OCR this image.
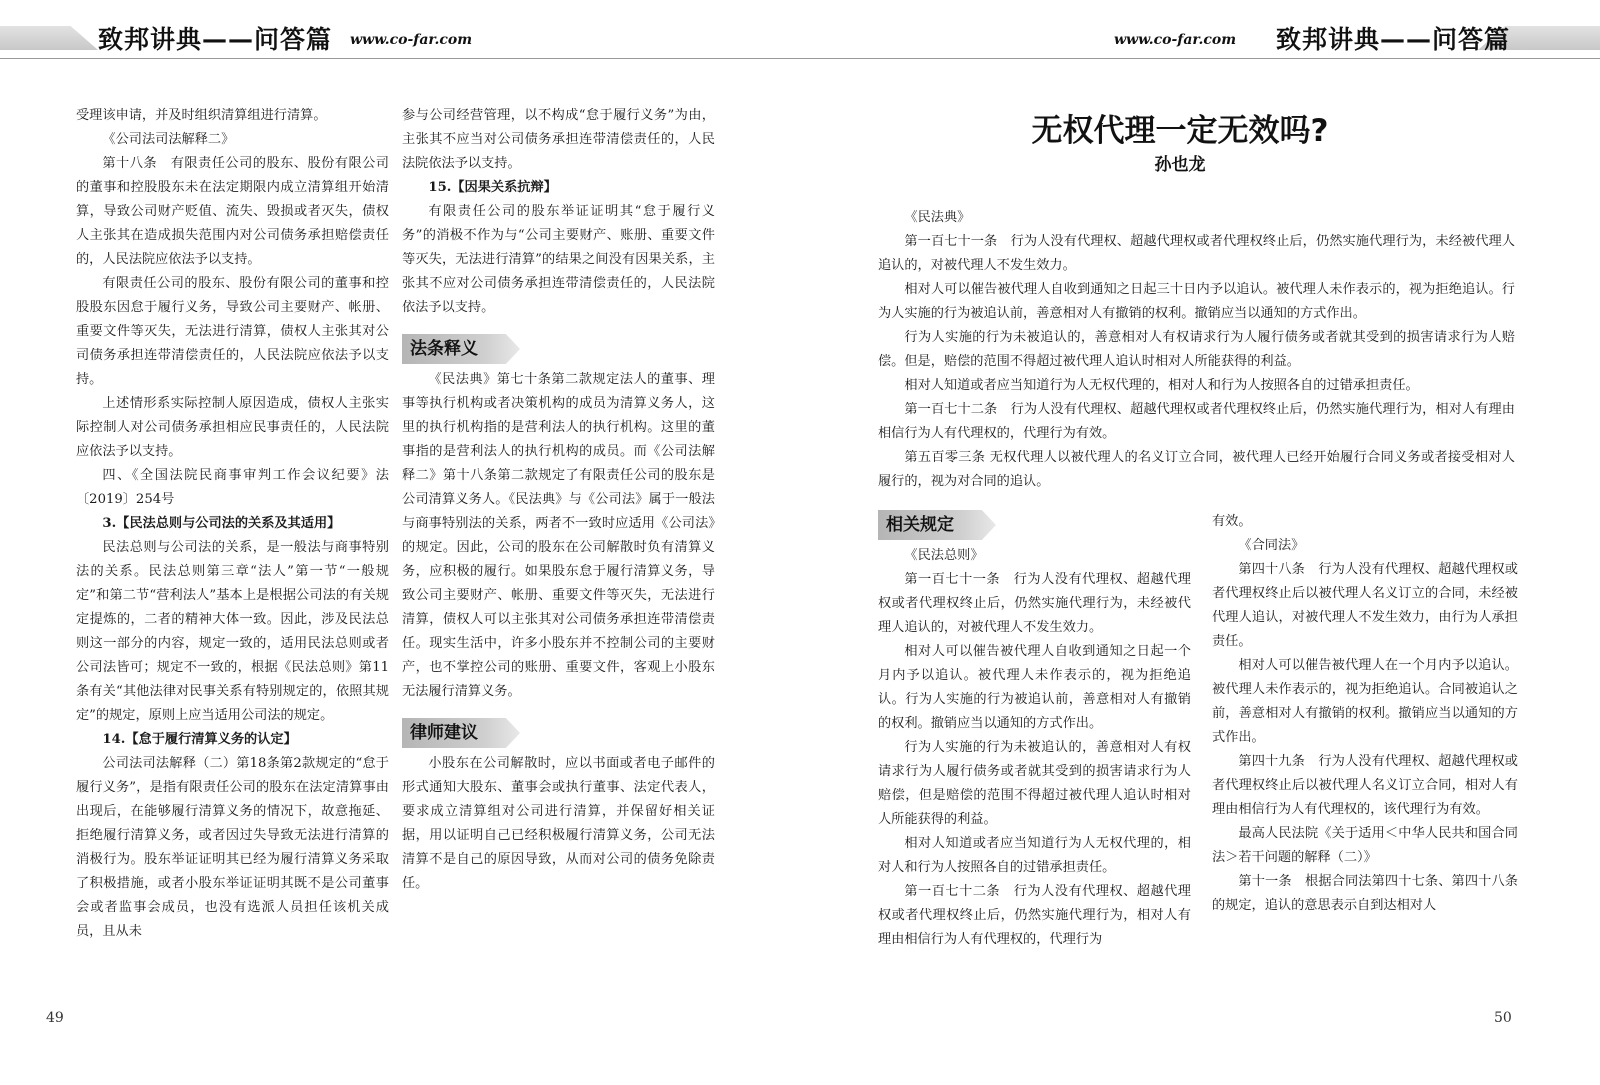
致邦讲典——问答篇 www.co-far.com

受理该申请，并及时组织清算组进行清算。

《公司法司法解释二》

第十八条　有限责任公司的股东、股份有限公司的董事和控股股东未在法定期限内成立清算组开始清算，导致公司财产贬值、流失、毁损或者灭失，债权人主张其在造成损失范围内对公司债务承担赔偿责任的，人民法院应依法予以支持。

有限责任公司的股东、股份有限公司的董事和控股股东因怠于履行义务，导致公司主要财产、帐册、重要文件等灭失，无法进行清算，债权人主张其对公司债务承担连带清偿责任的，人民法院应依法予以支持。

上述情形系实际控制人原因造成，债权人主张实际控制人对公司债务承担相应民事责任的，人民法院应依法予以支持。

四、《全国法院民商事审判工作会议纪要》法〔2019〕254号

3.【民法总则与公司法的关系及其适用】

民法总则与公司法的关系，是一般法与商事特别法的关系。民法总则第三章“法人”第一节“一般规定”和第二节“营利法人”基本上是根据公司法的有关规定提炼的，二者的精神大体一致。因此，涉及民法总则这一部分的内容，规定一致的，适用民法总则或者公司法皆可；规定不一致的，根据《民法总则》第11条有关“其他法律对民事关系有特别规定的，依照其规定”的规定，原则上应当适用公司法的规定。

14.【怠于履行清算义务的认定】

公司法司法解释（二）第18条第2款规定的“怠于履行义务”，是指有限责任公司的股东在法定清算事由出现后，在能够履行清算义务的情况下，故意拖延、拒绝履行清算义务，或者因过失导致无法进行清算的消极行为。股东举证证明其已经为履行清算义务采取了积极措施，或者小股东举证证明其既不是公司董事会或者监事会成员，也没有选派人员担任该机关成员，且从未

参与公司经营管理，以不构成“怠于履行义务”为由，主张其不应当对公司债务承担连带清偿责任的，人民法院依法予以支持。

15.【因果关系抗辩】

有限责任公司的股东举证证明其“怠于履行义务”的消极不作为与“公司主要财产、账册、重要文件等灭失，无法进行清算”的结果之间没有因果关系，主张其不应对公司债务承担连带清偿责任的，人民法院依法予以支持。

法条释义

《民法典》第七十条第二款规定法人的董事、理事等执行机构或者决策机构的成员为清算义务人，这里的执行机构指的是营利法人的执行机构。这里的董事指的是营利法人的执行机构的成员。而《公司法解释二》第十八条第二款规定了有限责任公司的股东是公司清算义务人。《民法典》与《公司法》属于一般法与商事特别法的关系，两者不一致时应适用《公司法》的规定。因此，公司的股东在公司解散时负有清算义务，应积极的履行。如果股东怠于履行清算义务，导致公司主要财产、帐册、重要文件等灭失，无法进行清算，债权人可以主张其对公司债务承担连带清偿责任。现实生活中，许多小股东并不控制公司的主要财产，也不掌控公司的账册、重要文件，客观上小股东无法履行清算义务。

律师建议

小股东在公司解散时，应以书面或者电子邮件的形式通知大股东、董事会或执行董事、法定代表人，要求成立清算组对公司进行清算，并保留好相关证据，用以证明自己已经积极履行清算义务，公司无法清算不是自己的原因导致，从而对公司的债务免除责任。

49
www.co-far.com 致邦讲典——问答篇
50
无权代理一定无效吗?
孙也龙

《民法典》

第一百七十一条　行为人没有代理权、超越代理权或者代理权终止后，仍然实施代理行为，未经被代理人追认的，对被代理人不发生效力。

相对人可以催告被代理人自收到通知之日起三十日内予以追认。被代理人未作表示的，视为拒绝追认。行为人实施的行为被追认前，善意相对人有撤销的权利。撤销应当以通知的方式作出。

行为人实施的行为未被追认的，善意相对人有权请求行为人履行债务或者就其受到的损害请求行为人赔偿。但是，赔偿的范围不得超过被代理人追认时相对人所能获得的利益。

相对人知道或者应当知道行为人无权代理的，相对人和行为人按照各自的过错承担责任。

第一百七十二条　行为人没有代理权、超越代理权或者代理权终止后，仍然实施代理行为，相对人有理由相信行为人有代理权的，代理行为有效。

第五百零三条 无权代理人以被代理人的名义订立合同，被代理人已经开始履行合同义务或者接受相对人履行的，视为对合同的追认。

相关规定

《民法总则》

第一百七十一条　行为人没有代理权、超越代理权或者代理权终止后，仍然实施代理行为，未经被代理人追认的，对被代理人不发生效力。

相对人可以催告被代理人自收到通知之日起一个月内予以追认。被代理人未作表示的，视为拒绝追认。行为人实施的行为被追认前，善意相对人有撤销的权利。撤销应当以通知的方式作出。

行为人实施的行为未被追认的，善意相对人有权请求行为人履行债务或者就其受到的损害请求行为人赔偿，但是赔偿的范围不得超过被代理人追认时相对人所能获得的利益。

相对人知道或者应当知道行为人无权代理的，相对人和行为人按照各自的过错承担责任。

第一百七十二条　行为人没有代理权、超越代理权或者代理权终止后，仍然实施代理行为，相对人有理由相信行为人有代理权的，代理行为

有效。

《合同法》

第四十八条　行为人没有代理权、超越代理权或者代理权终止后以被代理人名义订立的合同，未经被代理人追认，对被代理人不发生效力，由行为人承担责任。

相对人可以催告被代理人在一个月内予以追认。被代理人未作表示的，视为拒绝追认。合同被追认之前，善意相对人有撤销的权利。撤销应当以通知的方式作出。

第四十九条　行为人没有代理权、超越代理权或者代理权终止后以被代理人名义订立合同，相对人有理由相信行为人有代理权的，该代理行为有效。

最高人民法院《关于适用＜中华人民共和国合同法＞若干问题的解释（二）》

第十一条　根据合同法第四十七条、第四十八条的规定，追认的意思表示自到达相对人
